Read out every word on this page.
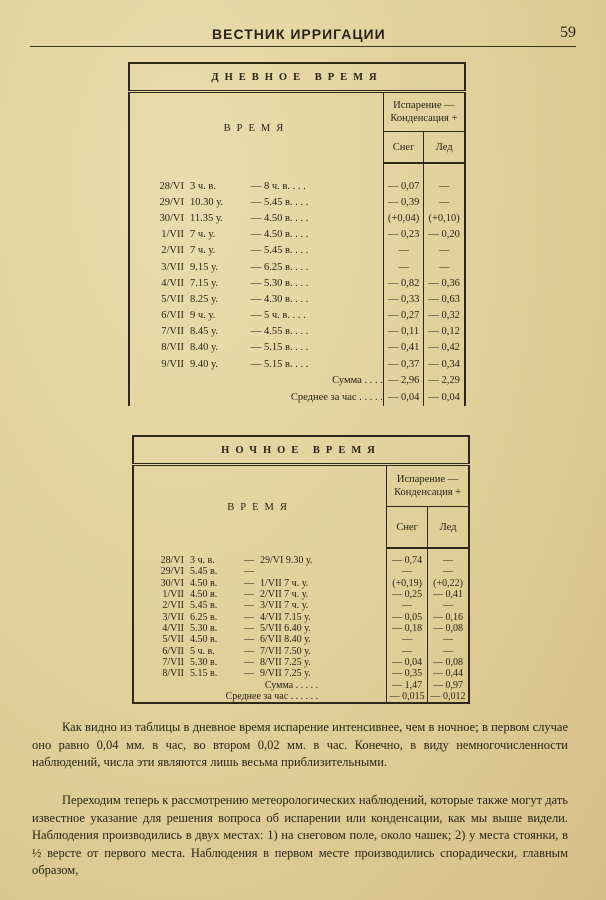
ВЕСТНИК ИРРИГАЦИИ	59
ДНЕВНОЕ ВРЕМЯ		
ВРЕМЯ	Испарение —
Конденсация +	
	Снег	Лед

28/VI 3 ч. в. — 8 ч. в. . . .	— 0,07	—

29/VI 10.30 у. — 5.45 в. . . .	— 0,39	—

30/VI 11.35 у. — 4.50 в. . . .	(+0,04)	(+0,10)

1/VII 7 ч. у. — 4.50 в. . . .	— 0,23	— 0,20

2/VII 7 ч. у. — 5.45 в. . . .	—	—

3/VII 9.15 у. — 6.25 в. . . .	—	—

4/VII 7.15 у. — 5.30 в. . . .	— 0,82	— 0,36

5/VII 8.25 у. — 4.30 в. . . .	— 0,33	— 0,63

6/VII 9 ч. у. — 5 ч. в. . . .	— 0,27	— 0,32

7/VII 8.45 у. — 4.55 в. . . .	— 0,11	— 0,12

8/VII 8.40 у. — 5.15 в. . . .	— 0,41	— 0,42

9/VII 9.40 у. — 5.15 в. . . .	— 0,37	— 0,34
Сумма . . . .	— 2,96	— 2,29
Среднее за час . . . . .	— 0,04	— 0,04
НОЧНОЕ ВРЕМЯ		
ВРЕМЯ	Испарение —
Конденсация +	
	Снег	Лед

28/VI 3 ч. в. — 29/VI 9.30 у.	— 0,74	—

29/VI 5.45 в. —	—	—

30/VI 4.50 в. — 1/VII 7 ч. у.	(+0,19)	(+0,22)

1/VII 4.50 в. — 2/VII 7 ч. у.	— 0,25	— 0,41

2/VII 5.45 в. — 3/VII 7 ч. у.	—	—

3/VII 6.25 в. — 4/VII 7.15 у.	— 0,05	— 0,16

4/VII 5.30 в. — 5/VII 6.40 у.	— 0,18	— 0,08

5/VII 4.50 в. — 6/VII 8.40 у.	—	—

6/VII 5 ч. в. — 7/VII 7.50 у.	—	—

7/VII 5.30 в. — 8/VII 7.25 у.	— 0,04	— 0,08

8/VII 5.15 в. — 9/VII 7.25 у.	— 0,35	— 0,44
Сумма . . . . .	— 1,47	— 0,97
Среднее за час . . . . . .	— 0,015	— 0,012

Как видно из таблицы в дневное время испарение интенсивнее, чем в ночное; в первом случае оно равно 0,04 мм. в час, во втором 0,02 мм. в час. Конечно, в виду немногочисленности наблюдений, числа эти являются лишь весьма приблизительными.

Переходим теперь к рассмотрению метеорологических наблюдений, которые также могут дать известное указание для решения вопроса об испарении или конденсации, как мы выше видели. Наблюдения производились в двух местах: 1) на снеговом поле, около чашек; 2) у места стоянки, в ½ версте от первого места. Наблюдения в первом месте производились спорадически, главным образом,
